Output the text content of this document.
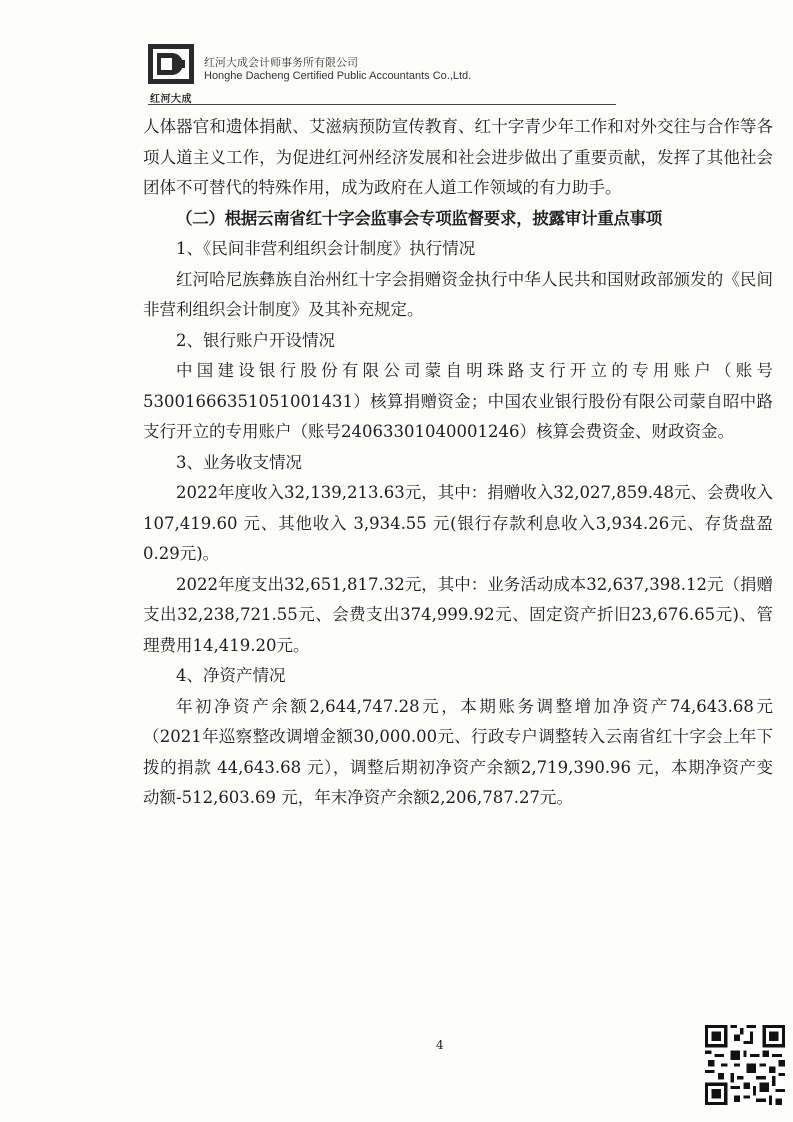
红河大成
红河大成会计师事务所有限公司
Honghe Dacheng Certified Public Accountants Co.,Ltd.

人体器官和遗体捐献、艾滋病预防宣传教育、红十字青少年工作和对外交往与合作等各项人道主义工作，为促进红河州经济发展和社会进步做出了重要贡献，发挥了其他社会团体不可替代的特殊作用，成为政府在人道工作领域的有力助手。

（二）根据云南省红十字会监事会专项监督要求，披露审计重点事项

1、《民间非营利组织会计制度》执行情况

红河哈尼族彝族自治州红十字会捐赠资金执行中华人民共和国财政部颁发的《民间非营利组织会计制度》及其补充规定。

2、银行账户开设情况

中国建设银行股份有限公司蒙自明珠路支行开立的专用账户（账号53001666351051001431）核算捐赠资金；中国农业银行股份有限公司蒙自昭中路支行开立的专用账户（账号24063301040001246）核算会费资金、财政资金。

3、业务收支情况

2022年度收入32,139,213.63元，其中：捐赠收入32,027,859.48元、会费收入 107,419.60 元、其他收入 3,934.55 元(银行存款利息收入3,934.26元、存货盘盈0.29元)。

2022年度支出32,651,817.32元，其中：业务活动成本32,637,398.12元（捐赠支出32,238,721.55元、会费支出374,999.92元、固定资产折旧23,676.65元)、管理费用14,419.20元。

4、净资产情况

年初净资产余额2,644,747.28元，本期账务调整增加净资产74,643.68元（2021年巡察整改调增金额30,000.00元、行政专户调整转入云南省红十字会上年下拨的捐款 44,643.68 元），调整后期初净资产余额2,719,390.96 元，本期净资产变动额-512,603.69 元，年末净资产余额2,206,787.27元。

4
